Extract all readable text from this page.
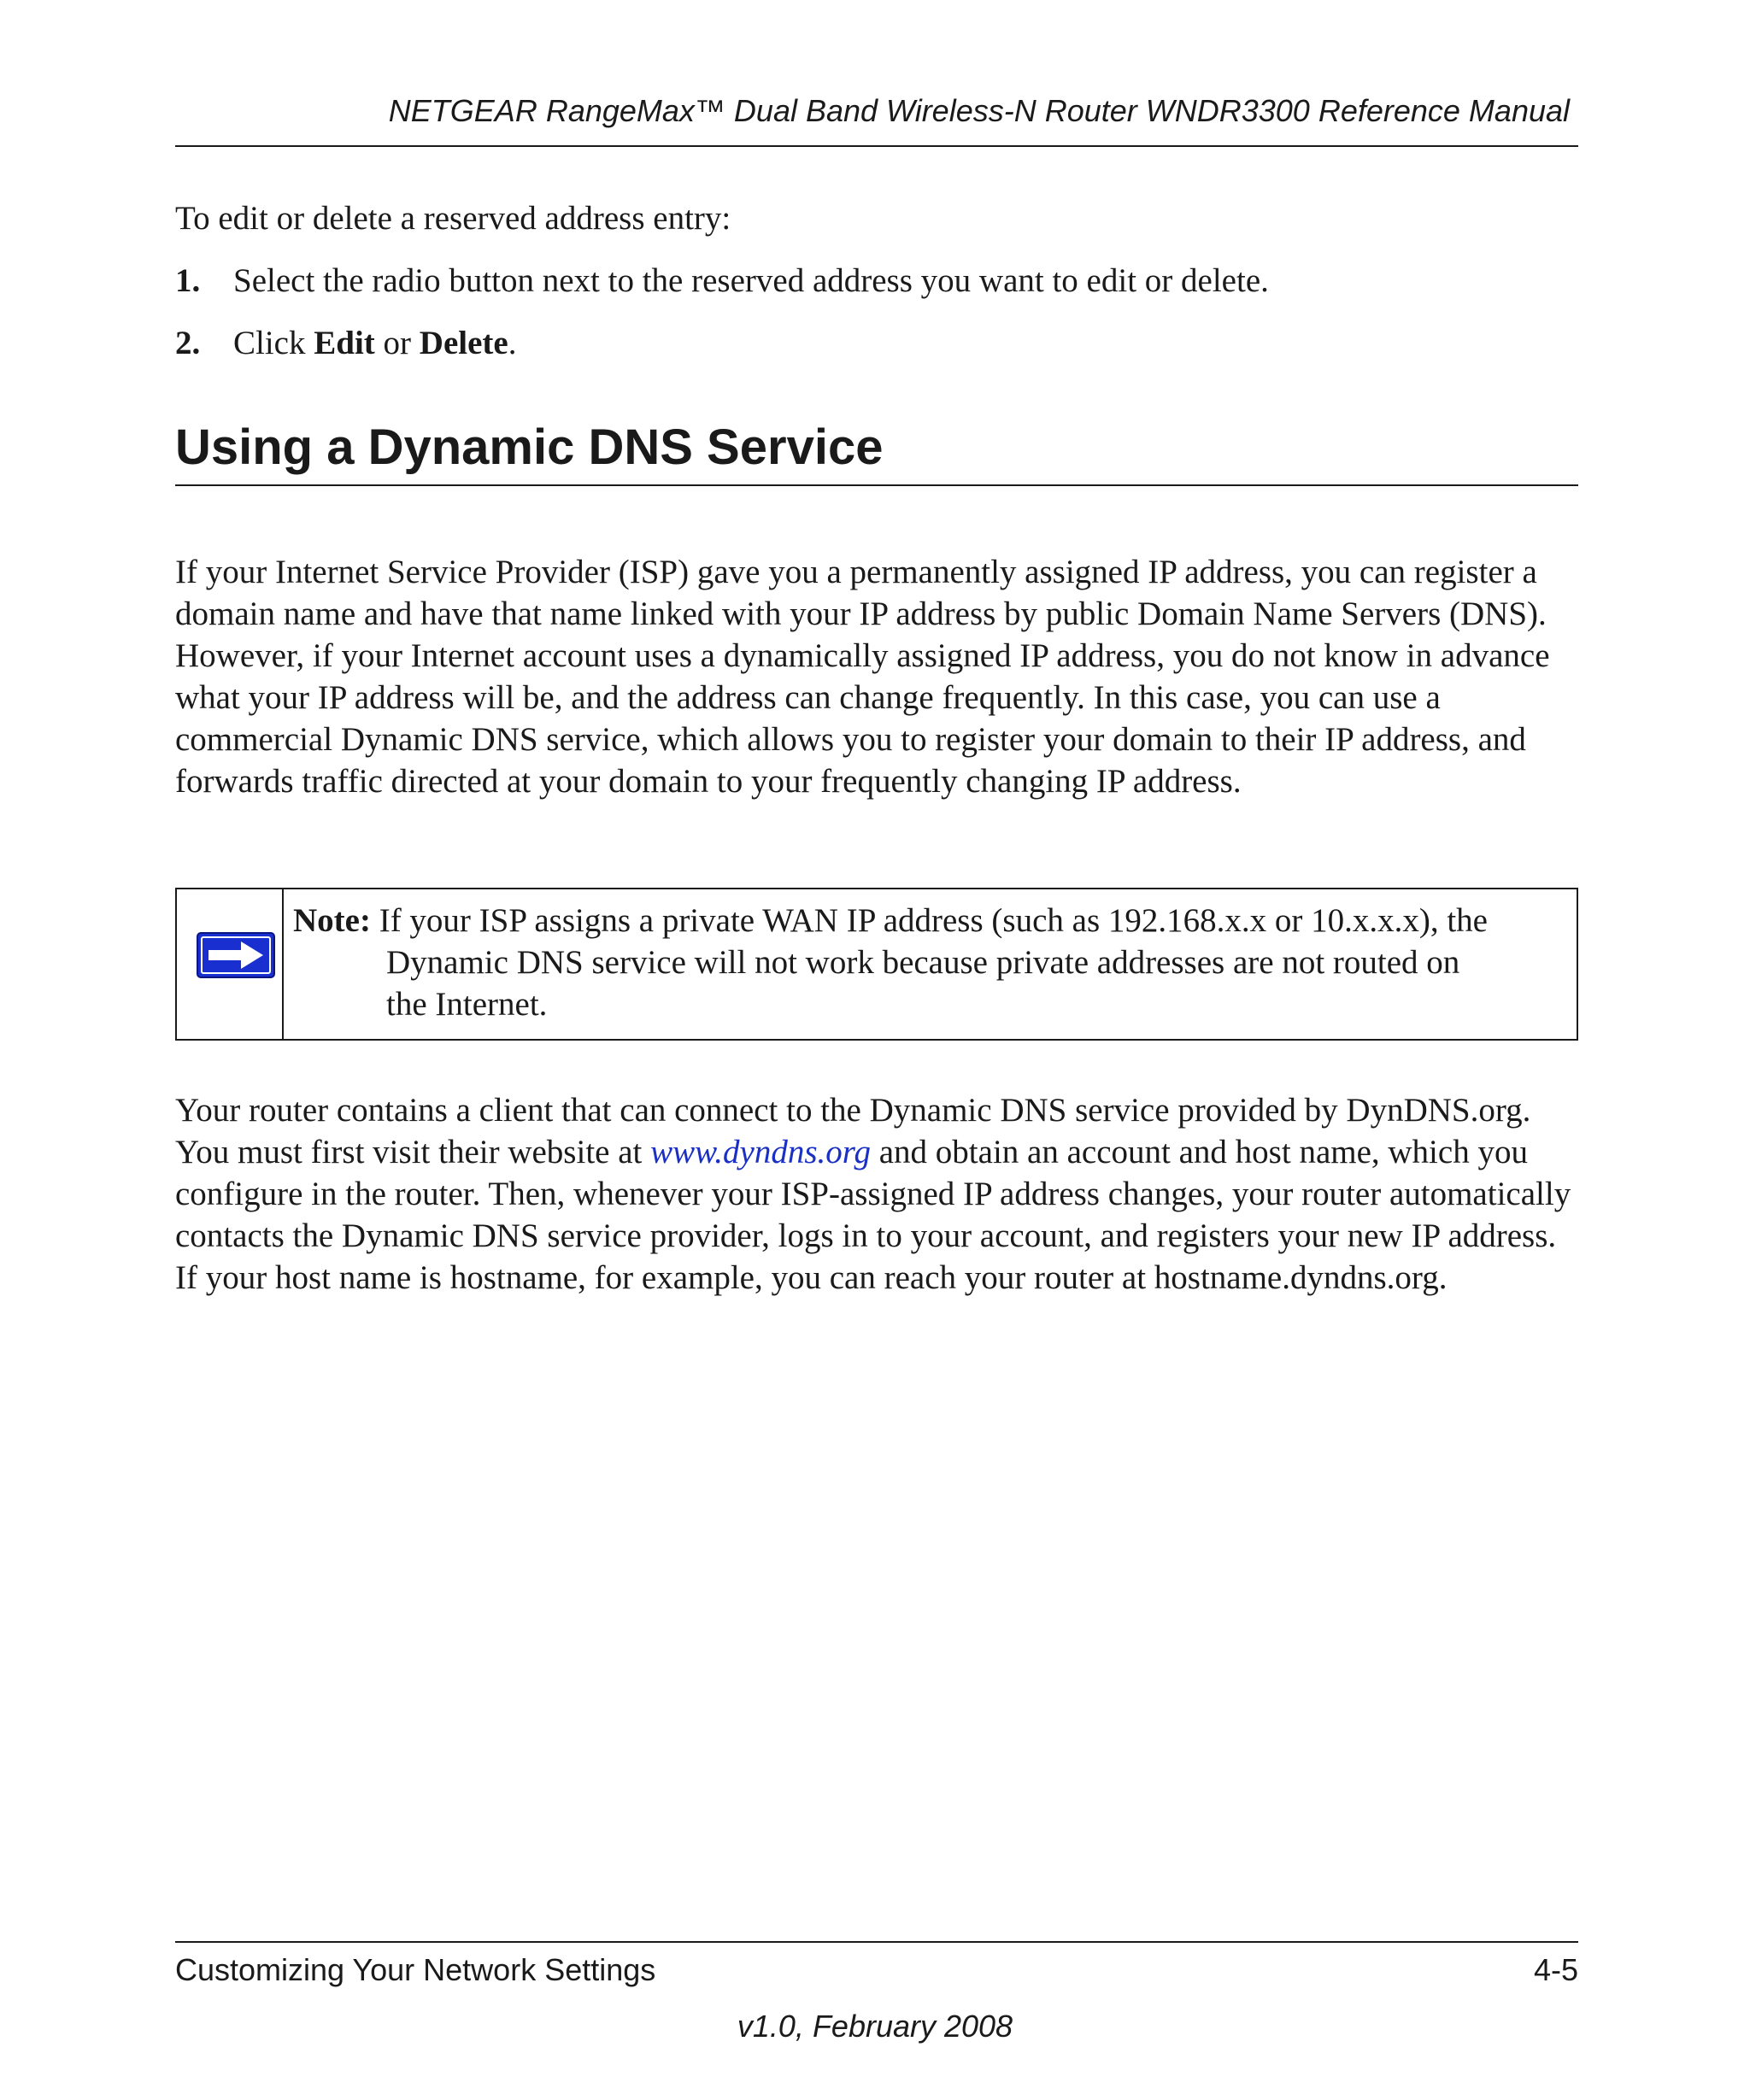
NETGEAR RangeMax™ Dual Band Wireless-N Router WNDR3300 Reference Manual

To edit or delete a reserved address entry:

1. Select the radio button next to the reserved address you want to edit or delete.
2. Click Edit or Delete.
Using a Dynamic DNS Service

If your Internet Service Provider (ISP) gave you a permanently assigned IP address, you can register a domain name and have that name linked with your IP address by public Domain Name Servers (DNS). However, if your Internet account uses a dynamically assigned IP address, you do not know in advance what your IP address will be, and the address can change frequently. In this case, you can use a commercial Dynamic DNS service, which allows you to register your domain to their IP address, and forwards traffic directed at your domain to your frequently changing IP address.

Note: If your ISP assigns a private WAN IP address (such as 192.168.x.x or 10.x.x.x), the
Dynamic DNS service will not work because private addresses are not routed on
the Internet.

Your router contains a client that can connect to the Dynamic DNS service provided by DynDNS.org. You must first visit their website at www.dyndns.org and obtain an account and host name, which you configure in the router. Then, whenever your ISP-assigned IP address changes, your router automatically contacts the Dynamic DNS service provider, logs in to your account, and registers your new IP address. If your host name is hostname, for example, you can reach your router at hostname.dyndns.org.

Customizing Your Network Settings	4-5
v1.0, February 2008
